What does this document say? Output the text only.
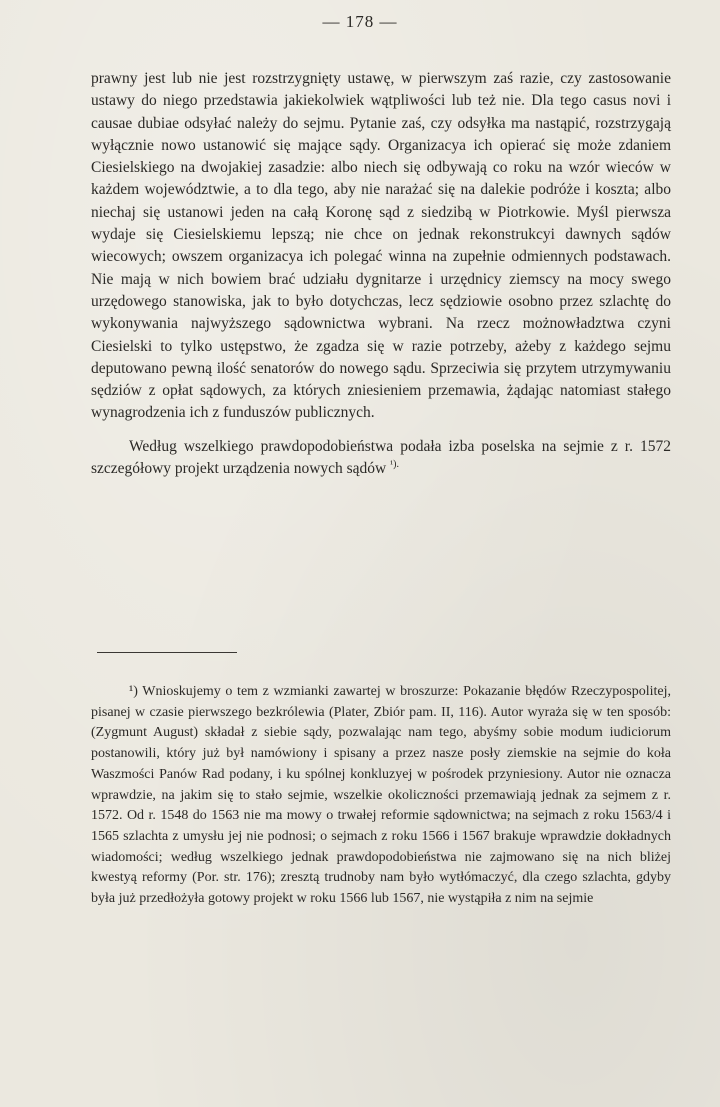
— 178 —

prawny jest lub nie jest rozstrzygnięty ustawę, w pierwszym zaś razie, czy zastosowanie ustawy do niego przedstawia jakiekolwiek wątpliwości lub też nie. Dla tego casus novi i causae dubiae odsyłać należy do sejmu. Pytanie zaś, czy odsyłka ma nastąpić, rozstrzygają wyłącznie nowo ustanowić się mające sądy. Organizacya ich opierać się może zdaniem Ciesielskiego na dwojakiej zasadzie: albo niech się odbywają co roku na wzór wieców w każdem województwie, a to dla tego, aby nie narażać się na dalekie podróże i koszta; albo niechaj się ustanowi jeden na całą Koronę sąd z siedzibą w Piotrkowie. Myśl pierwsza wydaje się Ciesielskiemu lepszą; nie chce on jednak rekonstrukcyi dawnych sądów wiecowych; owszem organizacya ich polegać winna na zupełnie odmiennych podstawach. Nie mają w nich bowiem brać udziału dygnitarze i urzędnicy ziemscy na mocy swego urzędowego stanowiska, jak to było dotychczas, lecz sędziowie osobno przez szlachtę do wykonywania najwyższego sądownictwa wybrani. Na rzecz możnowładztwa czyni Ciesielski to tylko ustępstwo, że zgadza się w razie potrzeby, ażeby z każdego sejmu deputowano pewną ilość senatorów do nowego sądu. Sprzeciwia się przytem utrzymywaniu sędziów z opłat sądowych, za których zniesieniem przemawia, żądając natomiast stałego wynagrodzenia ich z funduszów publicznych.

Według wszelkiego prawdopodobieństwa podała izba poselska na sejmie z r. 1572 szczegółowy projekt urządzenia nowych sądów $^{^1).}$

¹) Wnioskujemy o tem z wzmianki zawartej w broszurze: Pokazanie błędów Rzeczypospolitej, pisanej w czasie pierwszego bezkrólewia (Plater, Zbiór pam. II, 116). Autor wyraża się w ten sposób: (Zygmunt August) składał z siebie sądy, pozwalając nam tego, abyśmy sobie modum iudiciorum postanowili, który już był namówiony i spisany a przez nasze posły ziemskie na sejmie do koła Waszmości Panów Rad podany, i ku spólnej konkluzyej w pośrodek przyniesiony. Autor nie oznacza wprawdzie, na jakim się to stało sejmie, wszelkie okoliczności przemawiają jednak za sejmem z r. 1572. Od r. 1548 do 1563 nie ma mowy o trwałej reformie sądownictwa; na sejmach z roku 1563/4 i 1565 szlachta z umysłu jej nie podnosi; o sejmach z roku 1566 i 1567 brakuje wprawdzie dokładnych wiadomości; według wszelkiego jednak prawdopodobieństwa nie zajmowano się na nich bliżej kwestyą reformy (Por. str. 176); zresztą trudnoby nam było wytłómaczyć, dla czego szlachta, gdyby była już przedłożyła gotowy projekt w roku 1566 lub 1567, nie wystąpiła z nim na sejmie
